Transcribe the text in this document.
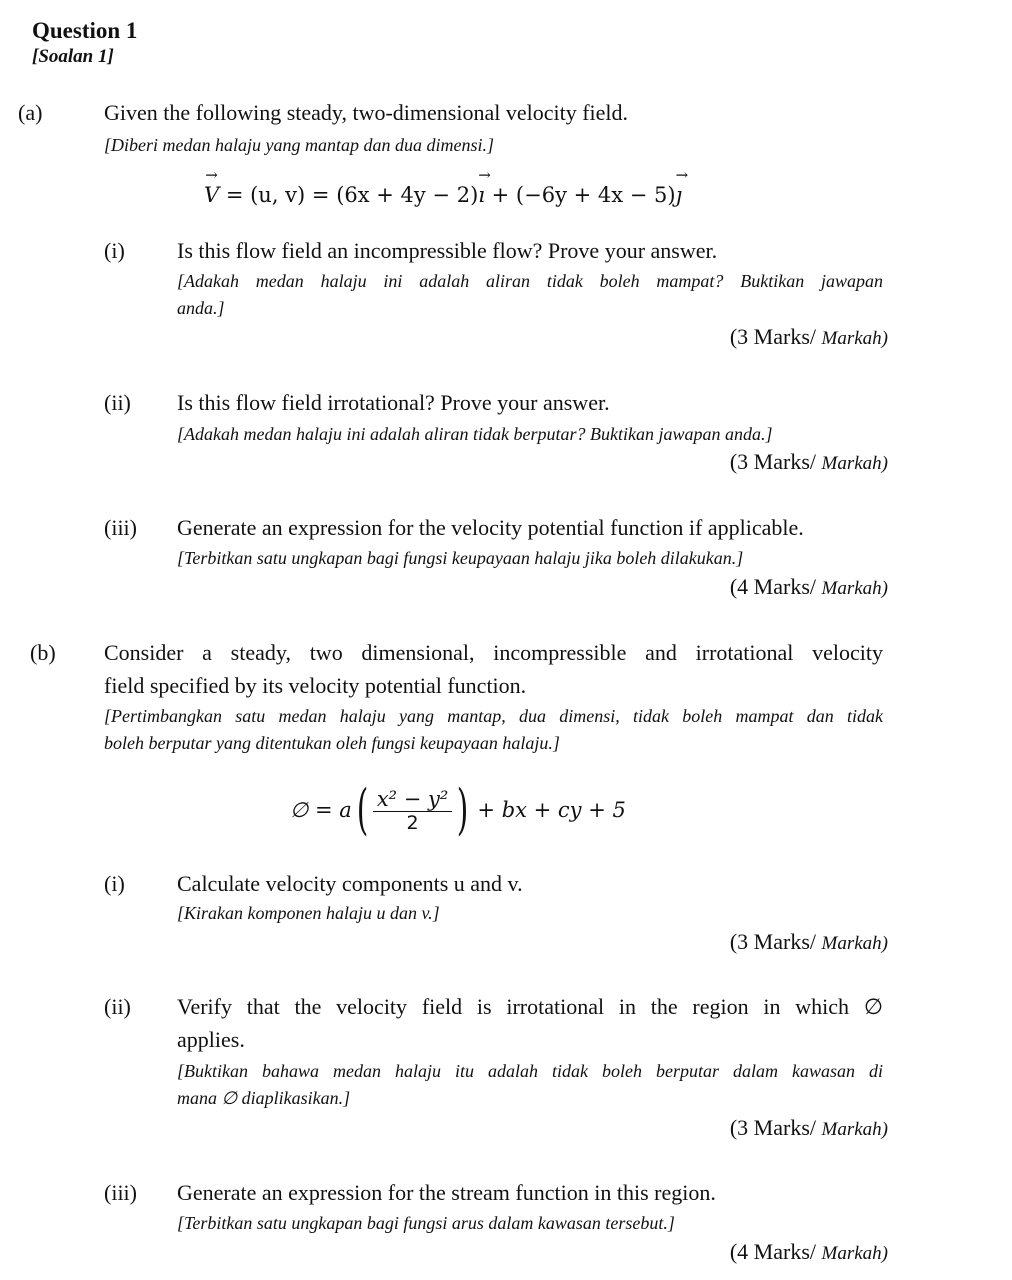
Question 1
[Soalan 1]
(a)	Given the following steady, two-dimensional velocity field.
[Diberi medan halaju yang mantap dan dua dimensi.]
→ V = (u, v) = (6x + 4y − 2)→ ı + (−6y + 4x − 5)→ ȷ
(i) Is this flow field an incompressible flow? Prove your answer.
[Adakah medan halaju ini adalah aliran tidak boleh mampat? Buktikan jawapan
anda.]
(3 Marks/ Markah)
(ii) Is this flow field irrotational? Prove your answer.
[Adakah medan halaju ini adalah aliran tidak berputar? Buktikan jawapan anda.]
(3 Marks/ Markah)
(iii) Generate an expression for the velocity potential function if applicable.
[Terbitkan satu ungkapan bagi fungsi keupayaan halaju jika boleh dilakukan.]
(4 Marks/ Markah)
(b) Consider a steady, two dimensional, incompressible and irrotational velocity
field specified by its velocity potential function.
[Pertimbangkan satu medan halaju yang mantap, dua dimensi, tidak boleh mampat dan tidak
boleh berputar yang ditentukan oleh fungsi keupayaan halaju.]
∅ = a ( $\frac{\text{x² − y²}}{2}$ ) + bx + cy + 5
(i) Calculate velocity components u and v.
[Kirakan komponen halaju u dan v.]
(3 Marks/ Markah)
(ii) Verify that the velocity field is irrotational in the region in which ∅
applies.
[Buktikan bahawa medan halaju itu adalah tidak boleh berputar dalam kawasan di
mana ∅ diaplikasikan.]
(3 Marks/ Markah)
(iii) Generate an expression for the stream function in this region.
[Terbitkan satu ungkapan bagi fungsi arus dalam kawasan tersebut.]
(4 Marks/ Markah)
